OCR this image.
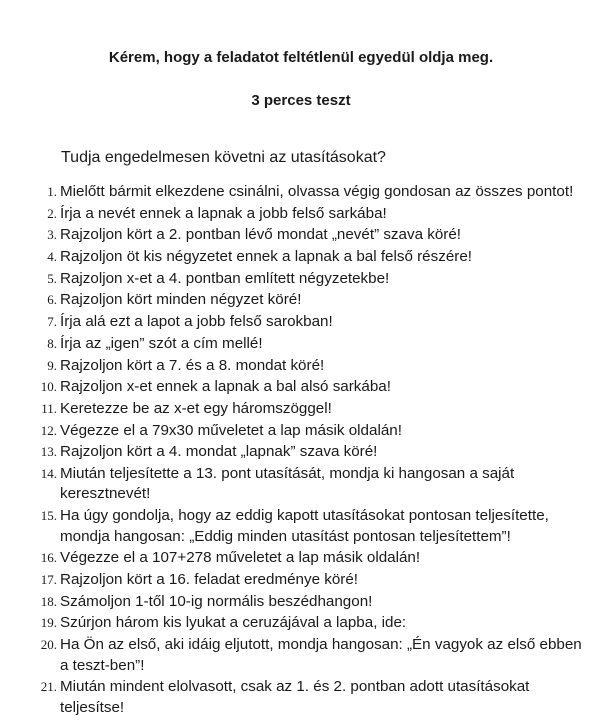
Kérem, hogy a feladatot feltétlenül egyedül oldja meg.

3 perces teszt

Tudja engedelmesen követni az utasításokat?

1. Mielőtt bármit elkezdene csinálni, olvassa végig gondosan az összes pontot!
2. Írja a nevét ennek a lapnak a jobb felső sarkába!
3. Rajzoljon kört a 2. pontban lévő mondat „nevét” szava köré!
4. Rajzoljon öt kis négyzetet ennek a lapnak a bal felső részére!
5. Rajzoljon x-et a 4. pontban említett négyzetekbe!
6. Rajzoljon kört minden négyzet köré!
7. Írja alá ezt a lapot a jobb felső sarokban!
8. Írja az „igen” szót a cím mellé!
9. Rajzoljon kört a 7. és a 8. mondat köré!
10. Rajzoljon x-et ennek a lapnak a bal alsó sarkába!
11. Keretezze be az x-et egy háromszöggel!
12. Végezze el a 79x30 műveletet a lap másik oldalán!
13. Rajzoljon kört a 4. mondat „lapnak” szava köré!
14. Miután teljesítette a 13. pont utasítását, mondja ki hangosan a saját keresztnevét!
15. Ha úgy gondolja, hogy az eddig kapott utasításokat pontosan teljesítette, mondja hangosan: „Eddig minden utasítást pontosan teljesítettem”!
16. Végezze el a 107+278 műveletet a lap másik oldalán!
17. Rajzoljon kört a 16. feladat eredménye köré!
18. Számoljon 1-től 10-ig normális beszédhangon!
19. Szúrjon három kis lyukat a ceruzájával a lapba, ide:
20. Ha Ön az első, aki idáig eljutott, mondja hangosan: „Én vagyok az első ebben a teszt-ben”!
21. Miután mindent elolvasott, csak az 1. és 2. pontban adott utasításokat teljesítse!
